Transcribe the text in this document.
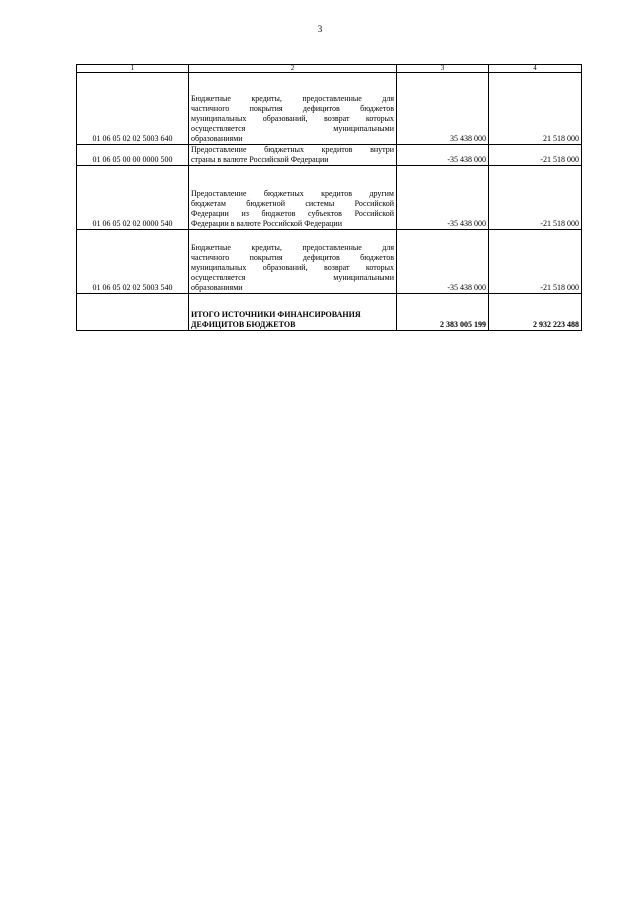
3
1	2	3	4
01 06 05 02 02 5003 640	Бюджетные кредиты, предоставленные для
частичного покрытия дефицитов бюджетов
муниципальных образований, возврат которых
осуществляется муниципальными
образованиями	35 438 000	21 518 000
01 06 05 00 00 0000 500	Предоставление бюджетных кредитов внутри
страны в валюте Российской Федерации	-35 438 000	-21 518 000
01 06 05 02 02 0000 540	Предоставление бюджетных кредитов другим
бюджетам бюджетной системы Российской
Федерации из бюджетов субъектов Российской
Федерации в валюте Российской Федерации	-35 438 000	-21 518 000
01 06 05 02 02 5003 540	Бюджетные кредиты, предоставленные для
частичного покрытия дефицитов бюджетов
муниципальных образований, возврат которых
осуществляется муниципальными
образованиями	-35 438 000	-21 518 000

	ИТОГО ИСТОЧНИКИ ФИНАНСИРОВАНИЯ
ДЕФИЦИТОВ БЮДЖЕТОВ	2 383 005 199	2 932 223 488
